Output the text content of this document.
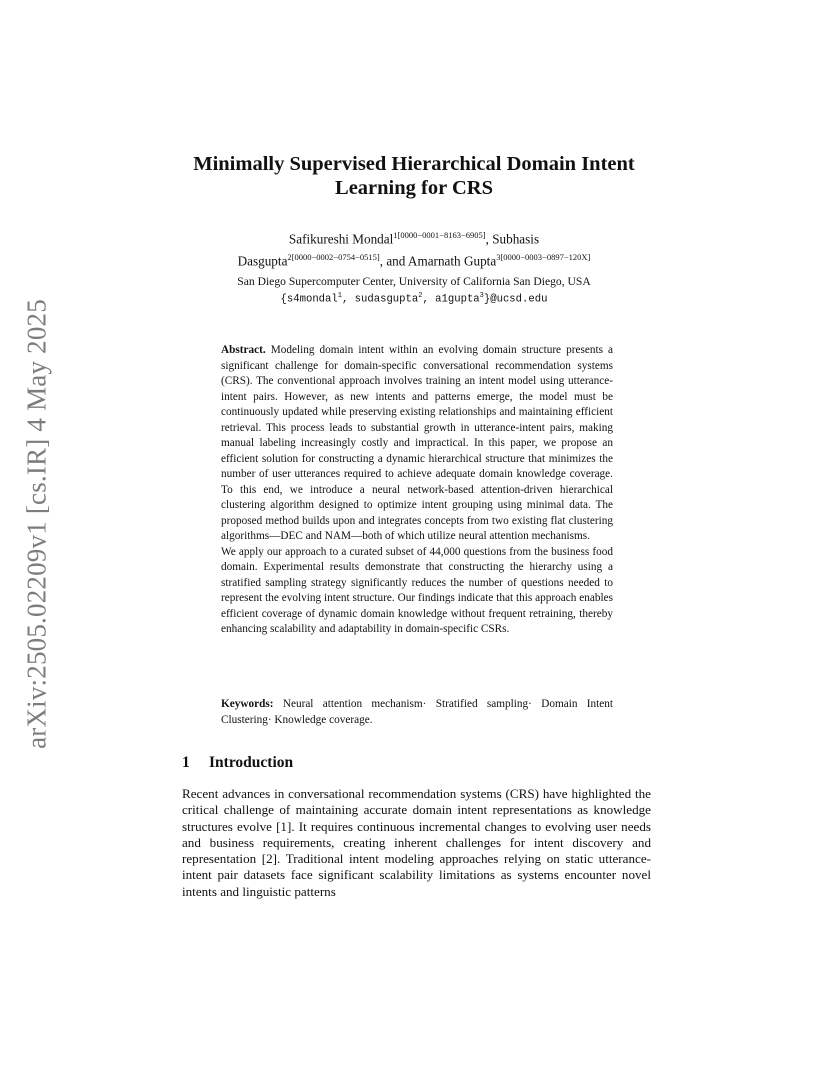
arXiv:2505.02209v1 [cs.IR] 4 May 2025
Minimally Supervised Hierarchical Domain Intent
Learning for CRS
Safikureshi Mondal$^{1[0000-0001-8163-6905]}$, Subhasis
Dasgupta$^{2[0000-0002-0754-0515]}$, and Amarnath Gupta$^{3[0000-0003-0897-120X]}$
San Diego Supercomputer Center, University of California San Diego, USA
{s4mondal$^1$, sudasgupta$^2$, a1gupta$^3$}@ucsd.edu

Abstract. Modeling domain intent within an evolving domain structure presents a significant challenge for domain-specific conversational recommendation systems (CRS). The conventional approach involves training an intent model using utterance-intent pairs. However, as new intents and patterns emerge, the model must be continuously updated while preserving existing relationships and maintaining efficient retrieval. This process leads to substantial growth in utterance-intent pairs, making manual labeling increasingly costly and impractical. In this paper, we propose an efficient solution for constructing a dynamic hierarchical structure that minimizes the number of user utterances required to achieve adequate domain knowledge coverage. To this end, we introduce a neural network-based attention-driven hierarchical clustering algorithm designed to optimize intent grouping using minimal data. The proposed method builds upon and integrates concepts from two existing flat clustering algorithms—DEC and NAM—both of which utilize neural attention mechanisms.

We apply our approach to a curated subset of 44,000 questions from the business food domain. Experimental results demonstrate that constructing the hierarchy using a stratified sampling strategy significantly reduces the number of questions needed to represent the evolving intent structure. Our findings indicate that this approach enables efficient coverage of dynamic domain knowledge without frequent retraining, thereby enhancing scalability and adaptability in domain-specific CSRs.

Keywords: Neural attention mechanism· Stratified sampling· Domain Intent Clustering· Knowledge coverage.
1 Introduction

Recent advances in conversational recommendation systems (CRS) have highlighted the critical challenge of maintaining accurate domain intent representations as knowledge structures evolve [1]. It requires continuous incremental changes to evolving user needs and business requirements, creating inherent challenges for intent discovery and representation [2]. Traditional intent modeling approaches relying on static utterance-intent pair datasets face significant scalability limitations as systems encounter novel intents and linguistic patterns
